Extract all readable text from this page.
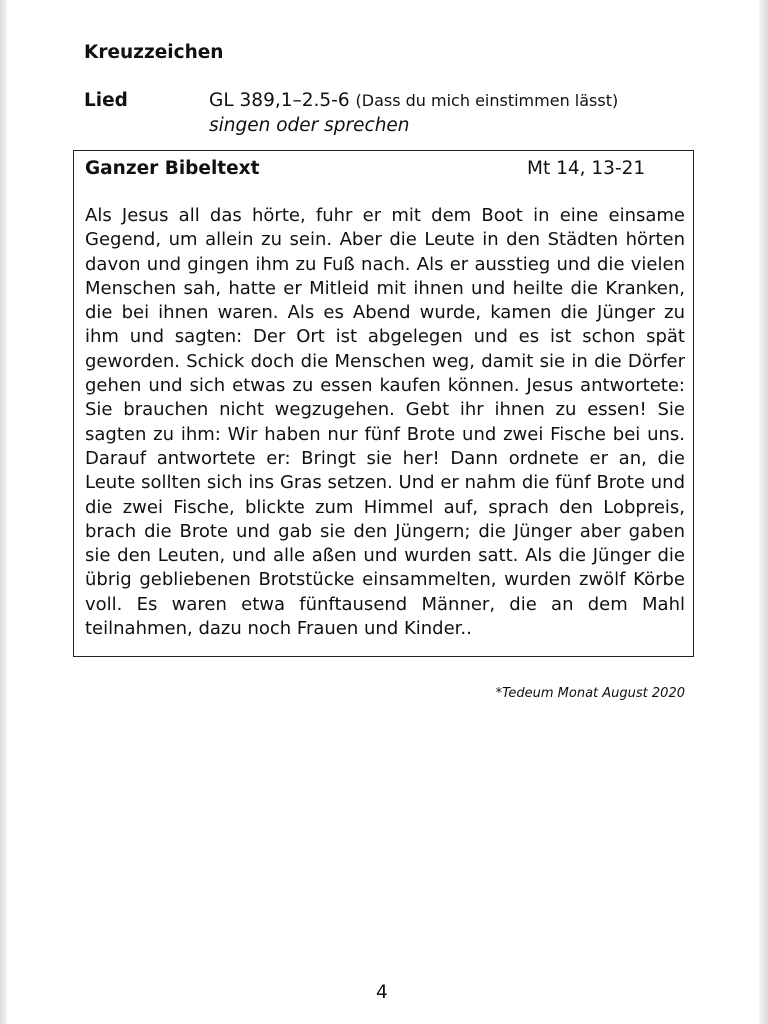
Kreuzzeichen
Lied	GL 389,1–2.5-6 (Dass du mich einstimmen lässt)
singen oder sprechen
Ganzer Bibeltext	Mt 14, 13-21

Als Jesus all das hörte, fuhr er mit dem Boot in eine einsame Gegend, um allein zu sein. Aber die Leute in den Städten hörten davon und gingen ihm zu Fuß nach. Als er ausstieg und die vielen Menschen sah, hatte er Mitleid mit ihnen und heilte die Kranken, die bei ihnen waren. Als es Abend wurde, kamen die Jünger zu ihm und sagten: Der Ort ist abgelegen und es ist schon spät geworden. Schick doch die Menschen weg, damit sie in die Dörfer gehen und sich etwas zu essen kaufen können. Jesus antwortete: Sie brauchen nicht wegzugehen. Gebt ihr ihnen zu essen! Sie sagten zu ihm: Wir haben nur fünf Brote und zwei Fische bei uns. Darauf antwortete er: Bringt sie her! Dann ordnete er an, die Leute sollten sich ins Gras setzen. Und er nahm die fünf Brote und die zwei Fische, blickte zum Himmel auf, sprach den Lobpreis, brach die Brote und gab sie den Jüngern; die Jünger aber gaben sie den Leuten, und alle aßen und wurden satt. Als die Jünger die übrig gebliebenen Brotstücke einsammelten, wurden zwölf Körbe voll. Es waren etwa fünftausend Männer, die an dem Mahl teilnahmen, dazu noch Frauen und Kinder..

*Tedeum Monat August 2020
4
